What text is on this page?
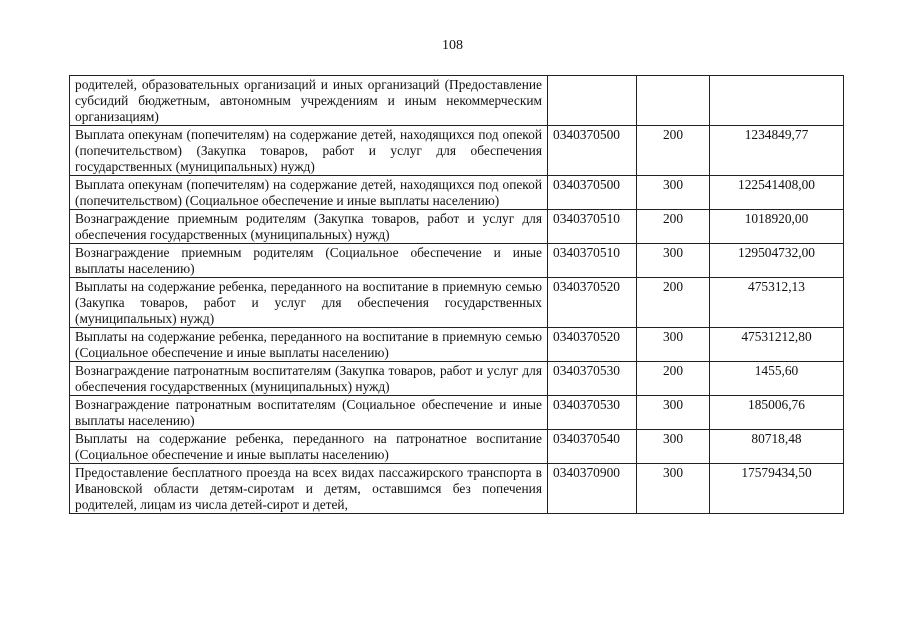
108
родителей, образовательных организаций и иных организаций (Предоставление субсидий бюджетным, автономным учреждениям и иным некоммерческим организациям)			
Выплата опекунам (попечителям) на содержание детей, находящихся под опекой (попечительством) (Закупка товаров, работ и услуг для обеспечения государственных (муниципальных) нужд)	0340370500	200	1234849,77
Выплата опекунам (попечителям) на содержание детей, находящихся под опекой (попечительством) (Социальное обеспечение и иные выплаты населению)	0340370500	300	122541408,00
Вознаграждение приемным родителям (Закупка товаров, работ и услуг для обеспечения государственных (муниципальных) нужд)	0340370510	200	1018920,00
Вознаграждение приемным родителям (Социальное обеспечение и иные выплаты населению)	0340370510	300	129504732,00
Выплаты на содержание ребенка, переданного на воспитание в приемную семью (Закупка товаров, работ и услуг для обеспечения государственных (муниципальных) нужд)	0340370520	200	475312,13
Выплаты на содержание ребенка, переданного на воспитание в приемную семью (Социальное обеспечение и иные выплаты населению)	0340370520	300	47531212,80
Вознаграждение патронатным воспитателям (Закупка товаров, работ и услуг для обеспечения государственных (муниципальных) нужд)	0340370530	200	1455,60
Вознаграждение патронатным воспитателям (Социальное обеспечение и иные выплаты населению)	0340370530	300	185006,76
Выплаты на содержание ребенка, переданного на патронатное воспитание (Социальное обеспечение и иные выплаты населению)	0340370540	300	80718,48
Предоставление бесплатного проезда на всех видах пассажирского транспорта в Ивановской области детям-сиротам и детям, оставшимся без попечения родителей, лицам из числа детей-сирот и детей,	0340370900	300	17579434,50
